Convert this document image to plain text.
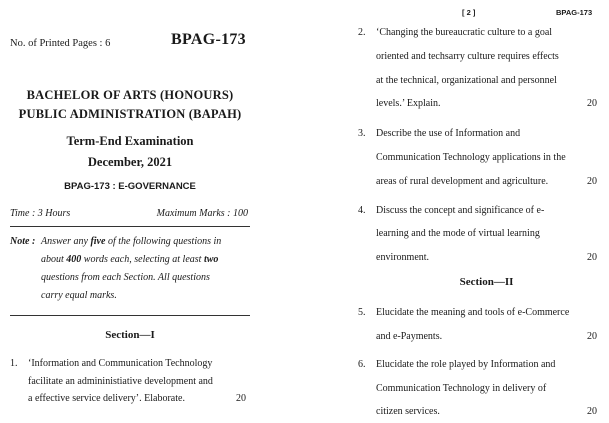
No. of Printed Pages : 6	BPAG-173
BACHELOR OF ARTS (HONOURS)
PUBLIC ADMINISTRATION (BAPAH)
Term-End Examination
December, 2021
BPAG-173 : E-GOVERNANCE
Time : 3 Hours	Maximum Marks : 100
Note : Answer any five of the following questions in
about 400 words each, selecting at least two
questions from each Section. All questions
carry equal marks.
Section—I
1. ‘Information and Communication Technology
facilitate an admininistiative development and
a effective service delivery’. Elaborate.	20
[ 2 ]	BPAG-173
2. ‘Changing the bureaucratic culture to a goal
oriented and techsarry culture requires effects
at the technical, organizational and personnel
levels.’ Explain.	20
3. Describe the use of Information and
Communication Technology applications in the
areas of rural development and agriculture.	20
4. Discuss the concept and significance of e-
learning and the mode of virtual learning
environment.	20
Section—II
5. Elucidate the meaning and tools of e-Commerce
and e-Payments.	20
6. Elucidate the role played by Information and
Communication Technology in delivery of
citizen services.	20
